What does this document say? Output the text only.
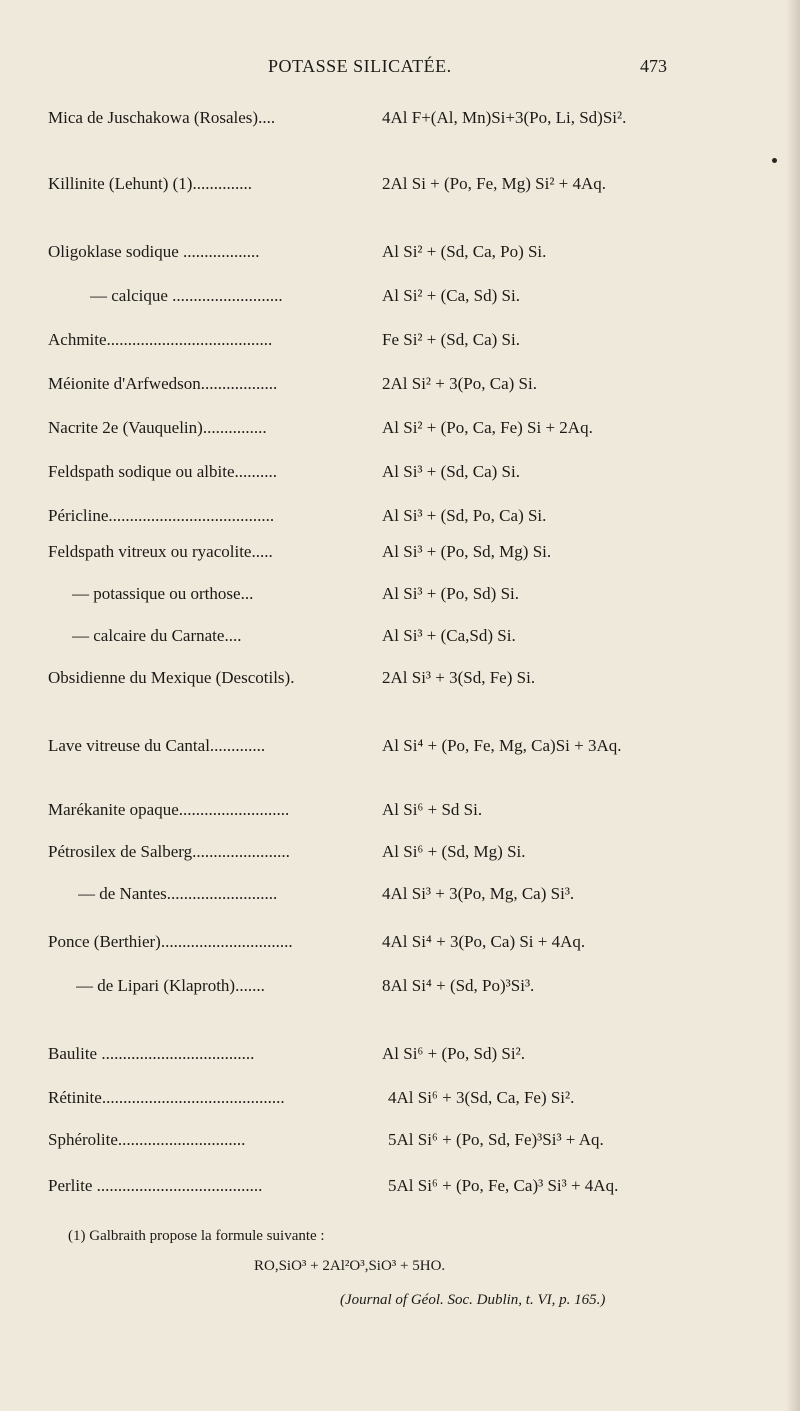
POTASSE SILICATÉE.	473
Mica de Juschakowa (Rosales)....	4Al F+(Al, Mn)Si+3(Po, Li, Sd)Si².
Killinite (Lehunt) (1)..............	2Al Si + (Po, Fe, Mg) Si² + 4Aq.
Oligoklase sodique ..................	Al Si² + (Sd, Ca, Po) Si.
— calcique ..........................	Al Si² + (Ca, Sd) Si.
Achmite.......................................	Fe Si² + (Sd, Ca) Si.
Méionite d'Arfwedson..................	2Al Si² + 3(Po, Ca) Si.
Nacrite 2e (Vauquelin)...............	Al Si² + (Po, Ca, Fe) Si + 2Aq.
Feldspath sodique ou albite..........	Al Si³ + (Sd, Ca) Si.
Péricline.......................................	Al Si³ + (Sd, Po, Ca) Si.
Feldspath vitreux ou ryacolite.....	Al Si³ + (Po, Sd, Mg) Si.
— potassique ou orthose...	Al Si³ + (Po, Sd) Si.
— calcaire du Carnate....	Al Si³ + (Ca,Sd) Si.
Obsidienne du Mexique (Descotils).	2Al Si³ + 3(Sd, Fe) Si.
Lave vitreuse du Cantal.............	Al Si⁴ + (Po, Fe, Mg, Ca)Si + 3Aq.
Marékanite opaque..........................	Al Si⁶ + Sd Si.
Pétrosilex de Salberg.......................	Al Si⁶ + (Sd, Mg) Si.
— de Nantes..........................	4Al Si³ + 3(Po, Mg, Ca) Si³.
Ponce (Berthier)...............................	4Al Si⁴ + 3(Po, Ca) Si + 4Aq.
— de Lipari (Klaproth).......	8Al Si⁴ + (Sd, Po)³Si³.
Baulite ....................................	Al Si⁶ + (Po, Sd) Si².
Rétinite...........................................	4Al Si⁶ + 3(Sd, Ca, Fe) Si².
Sphérolite..............................	5Al Si⁶ + (Po, Sd, Fe)³Si³ + Aq.
Perlite .......................................	5Al Si⁶ + (Po, Fe, Ca)³ Si³ + 4Aq.
(1) Galbraith propose la formule suivante :
RO,SiO³ + 2Al²O³,SiO³ + 5HO.
(Journal of Géol. Soc. Dublin, t. VI, p. 165.)
